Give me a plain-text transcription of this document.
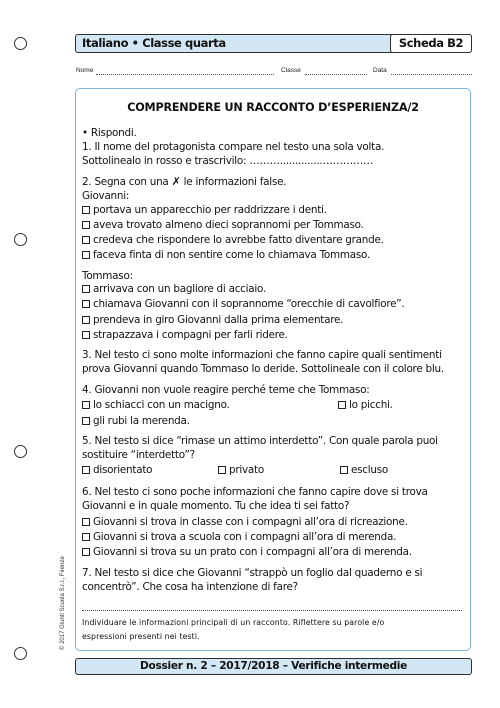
Italiano • Classe quarta	Scheda B2
Nome	Classe	Data
© 2017 Giunti Scuola S.r.l., Firenze
COMPRENDERE UN RACCONTO D’ESPERIENZA/2
• Rispondi.
1. Il nome del protagonista compare nel testo una sola volta.
Sottolinealo in rosso e trascrivilo: ………..............……………
2. Segna con una ✗ le informazioni false.
Giovanni:
portava un apparecchio per raddrizzare i denti.
aveva trovato almeno dieci soprannomi per Tommaso.
credeva che rispondere lo avrebbe fatto diventare grande.
faceva finta di non sentire come lo chiamava Tommaso.
Tommaso:
arrivava con un bagliore di acciaio.
chiamava Giovanni con il soprannome “orecchie di cavolfiore”.
prendeva in giro Giovanni dalla prima elementare.
strapazzava i compagni per farli ridere.
3. Nel testo ci sono molte informazioni che fanno capire quali sentimenti
prova Giovanni quando Tommaso lo deride. Sottolineale con il colore blu.
4. Giovanni non vuole reagire perché teme che Tommaso:
lo schiacci con un macigno.	lo picchi.
gli rubi la merenda.
5. Nel testo si dice “rimase un attimo interdetto”. Con quale parola puoi
sostituire “interdetto”?
disorientato	privato	escluso
6. Nel testo ci sono poche informazioni che fanno capire dove si trova
Giovanni e in quale momento. Tu che idea ti sei fatto?
Giovanni si trova in classe con i compagni all’ora di ricreazione.
Giovanni si trova a scuola con i compagni all’ora di merenda.
Giovanni si trova su un prato con i compagni all’ora di merenda.
7. Nel testo si dice che Giovanni “strappò un foglio dal quaderno e si
concentrò”. Che cosa ha intenzione di fare?
Individuare le informazioni principali di un racconto. Riflettere su parole e/o
espressioni presenti nei testi.
Dossier n. 2 – 2017/2018 – Verifiche intermedie
